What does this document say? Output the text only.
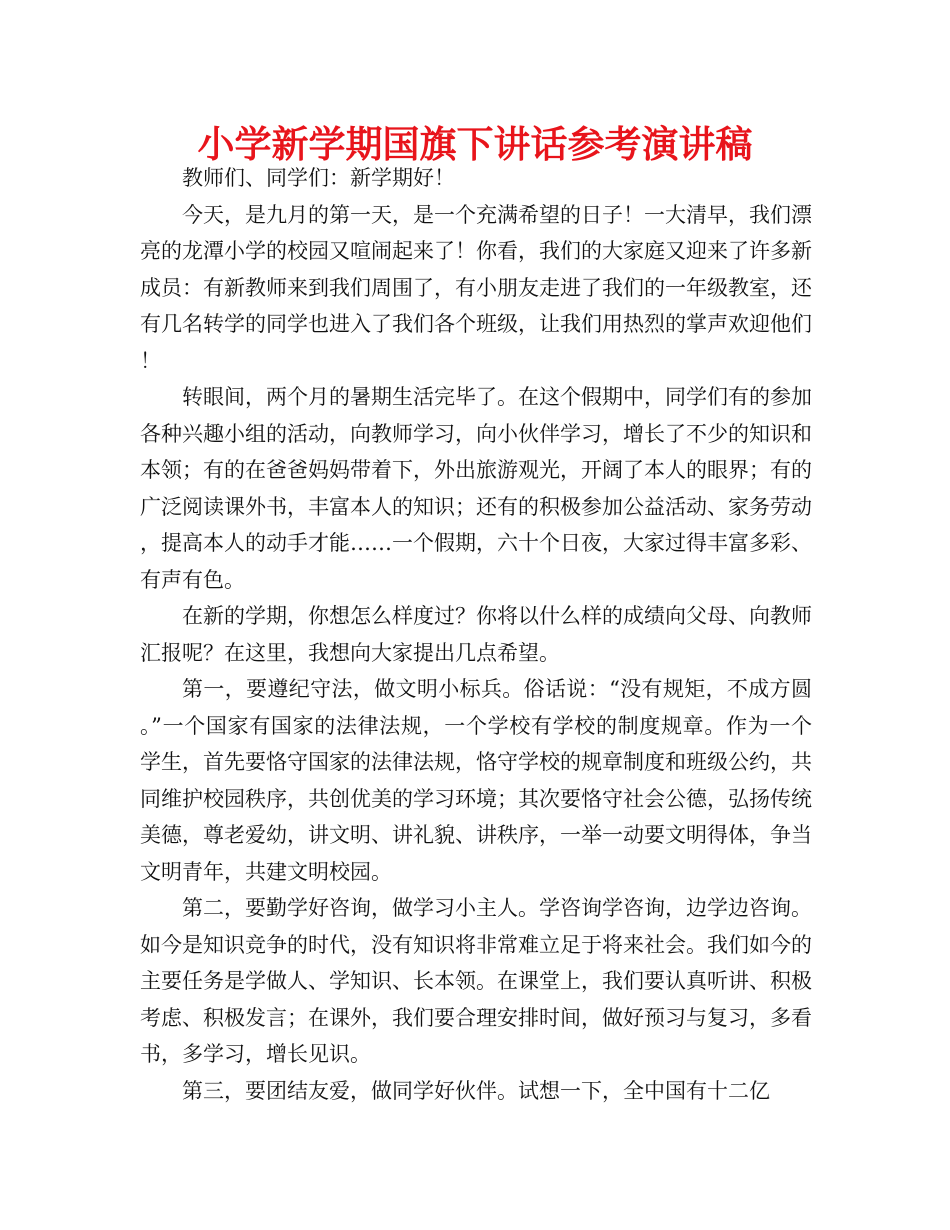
小学新学期国旗下讲话参考演讲稿

教师们、同学们：新学期好！

今天，是九月的第一天，是一个充满希望的日子！一大清早，我们漂亮的龙潭小学的校园又喧闹起来了！你看，我们的大家庭又迎来了许多新成员：有新教师来到我们周围了，有小朋友走进了我们的一年级教室，还有几名转学的同学也进入了我们各个班级，让我们用热烈的掌声欢迎他们！

转眼间，两个月的暑期生活完毕了。在这个假期中，同学们有的参加各种兴趣小组的活动，向教师学习，向小伙伴学习，增长了不少的知识和本领；有的在爸爸妈妈带着下，外出旅游观光，开阔了本人的眼界；有的广泛阅读课外书，丰富本人的知识；还有的积极参加公益活动、家务劳动，提高本人的动手才能……一个假期，六十个日夜，大家过得丰富多彩、有声有色。

在新的学期，你想怎么样度过？你将以什么样的成绩向父母、向教师汇报呢？在这里，我想向大家提出几点希望。

第一，要遵纪守法，做文明小标兵。俗话说：“没有规矩，不成方圆。”一个国家有国家的法律法规，一个学校有学校的制度规章。作为一个学生，首先要恪守国家的法律法规，恪守学校的规章制度和班级公约，共同维护校园秩序，共创优美的学习环境；其次要恪守社会公德，弘扬传统美德，尊老爱幼，讲文明、讲礼貌、讲秩序，一举一动要文明得体，争当文明青年，共建文明校园。

第二，要勤学好咨询，做学习小主人。学咨询学咨询，边学边咨询。如今是知识竞争的时代，没有知识将非常难立足于将来社会。我们如今的主要任务是学做人、学知识、长本领。在课堂上，我们要认真听讲、积极考虑、积极发言；在课外，我们要合理安排时间，做好预习与复习，多看书，多学习，增长见识。

第三，要团结友爱，做同学好伙伴。试想一下，全中国有十二亿
